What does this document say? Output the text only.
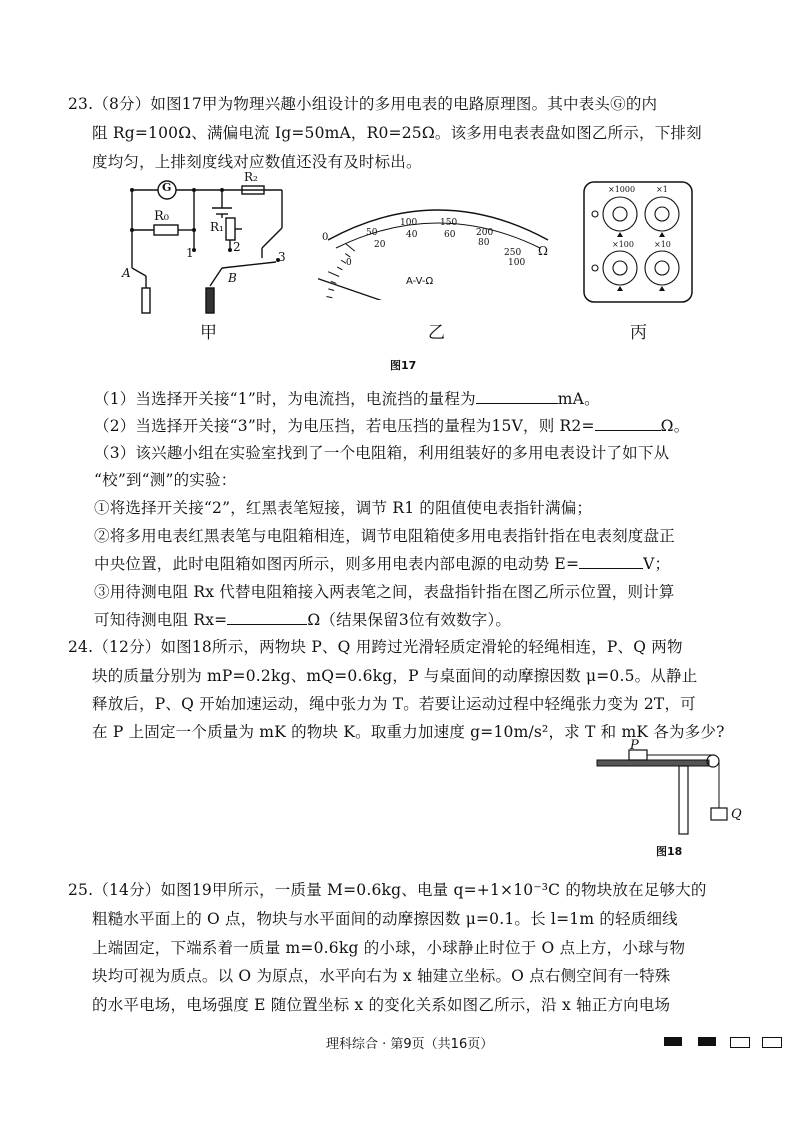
23.（8分）如图17甲为物理兴趣小组设计的多用电表的电路原理图。其中表头Ⓖ的内
阻 Rg=100Ω、满偏电流 Ig=50mA，R0=25Ω。该多用电表表盘如图乙所示，下排刻
度均匀，上排刻度线对应数值还没有及时标出。
G
R₀
R₁
R₂
1	2
3
A	B
甲
0
Ω
A-V-Ω
0
20
40	60
80
100
50
100	150
200
250
乙
×1000	×1
×100	×10
丙
图17
（1）当选择开关接“1”时，为电流挡，电流挡的量程为	mA。
（2）当选择开关接“3”时，为电压挡，若电压挡的量程为15V，则 R2=	Ω。
（3）该兴趣小组在实验室找到了一个电阻箱，利用组装好的多用电表设计了如下从
“校”到“测”的实验：
①将选择开关接“2”，红黑表笔短接，调节 R1 的阻值使电表指针满偏；
②将多用电表红黑表笔与电阻箱相连，调节电阻箱使多用电表指针指在电表刻度盘正
中央位置，此时电阻箱如图丙所示，则多用电表内部电源的电动势 E=	V；
③用待测电阻 Rx 代替电阻箱接入两表笔之间，表盘指针指在图乙所示位置，则计算
可知待测电阻 Rx=	Ω（结果保留3位有效数字）。
24.（12分）如图18所示，两物块 P、Q 用跨过光滑轻质定滑轮的轻绳相连，P、Q 两物
块的质量分别为 mP=0.2kg、mQ=0.6kg，P 与桌面间的动摩擦因数 μ=0.5。从静止
释放后，P、Q 开始加速运动，绳中张力为 T。若要让运动过程中轻绳张力变为 2T，可
在 P 上固定一个质量为 mK 的物块 K。取重力加速度 g=10m/s²，求 T 和 mK 各为多少?
P
Q
图18
25.（14分）如图19甲所示，一质量 M=0.6kg、电量 q=+1×10⁻³C 的物块放在足够大的
粗糙水平面上的 O 点，物块与水平面间的动摩擦因数 μ=0.1。长 l=1m 的轻质细线
上端固定，下端系着一质量 m=0.6kg 的小球，小球静止时位于 O 点上方，小球与物
块均可视为质点。以 O 为原点，水平向右为 x 轴建立坐标。O 点右侧空间有一特殊
的水平电场，电场强度 E 随位置坐标 x 的变化关系如图乙所示，沿 x 轴正方向电场
理科综合 · 第9页（共16页）
